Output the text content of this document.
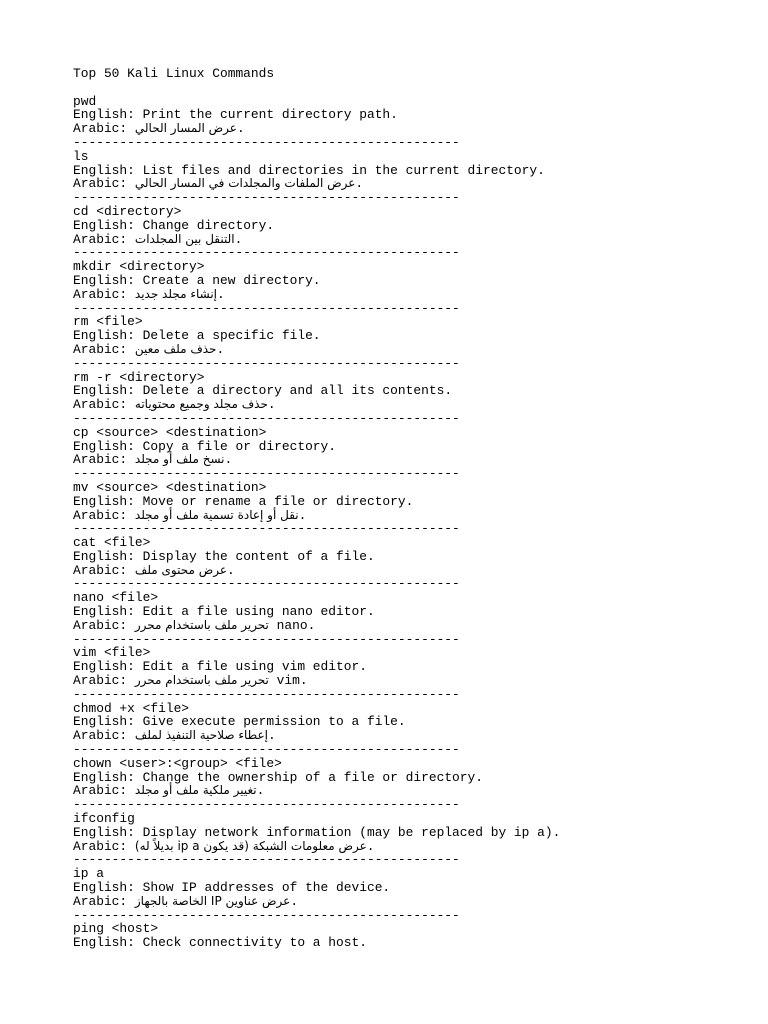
Top 50 Kali Linux Commands
pwd
English: Print the current directory path.
Arabic: عرض المسار الحالي.
--------------------------------------------------
ls
English: List files and directories in the current directory.
Arabic: عرض الملفات والمجلدات في المسار الحالي.
--------------------------------------------------
cd <directory>
English: Change directory.
Arabic: التنقل بين المجلدات.
--------------------------------------------------
mkdir <directory>
English: Create a new directory.
Arabic: إنشاء مجلد جديد.
--------------------------------------------------
rm <file>
English: Delete a specific file.
Arabic: حذف ملف معين.
--------------------------------------------------
rm -r <directory>
English: Delete a directory and all its contents.
Arabic: حذف مجلد وجميع محتوياته.
--------------------------------------------------
cp <source> <destination>
English: Copy a file or directory.
Arabic: نسخ ملف أو مجلد.
--------------------------------------------------
mv <source> <destination>
English: Move or rename a file or directory.
Arabic: نقل أو إعادة تسمية ملف أو مجلد.
--------------------------------------------------
cat <file>
English: Display the content of a file.
Arabic: عرض محتوى ملف.
--------------------------------------------------
nano <file>
English: Edit a file using nano editor.
Arabic: تحرير ملف باستخدام محرر nano.
--------------------------------------------------
vim <file>
English: Edit a file using vim editor.
Arabic: تحرير ملف باستخدام محرر vim.
--------------------------------------------------
chmod +x <file>
English: Give execute permission to a file.
Arabic: إعطاء صلاحية التنفيذ لملف.
--------------------------------------------------
chown <user>:<group> <file>
English: Change the ownership of a file or directory.
Arabic: تغيير ملكية ملف أو مجلد.
--------------------------------------------------
ifconfig
English: Display network information (may be replaced by ip a).
Arabic: عرض معلومات الشبكة (قد يكون ip a بديلاً له).
--------------------------------------------------
ip a
English: Show IP addresses of the device.
Arabic: عرض عناوين IP الخاصة بالجهاز.
--------------------------------------------------
ping <host>
English: Check connectivity to a host.
